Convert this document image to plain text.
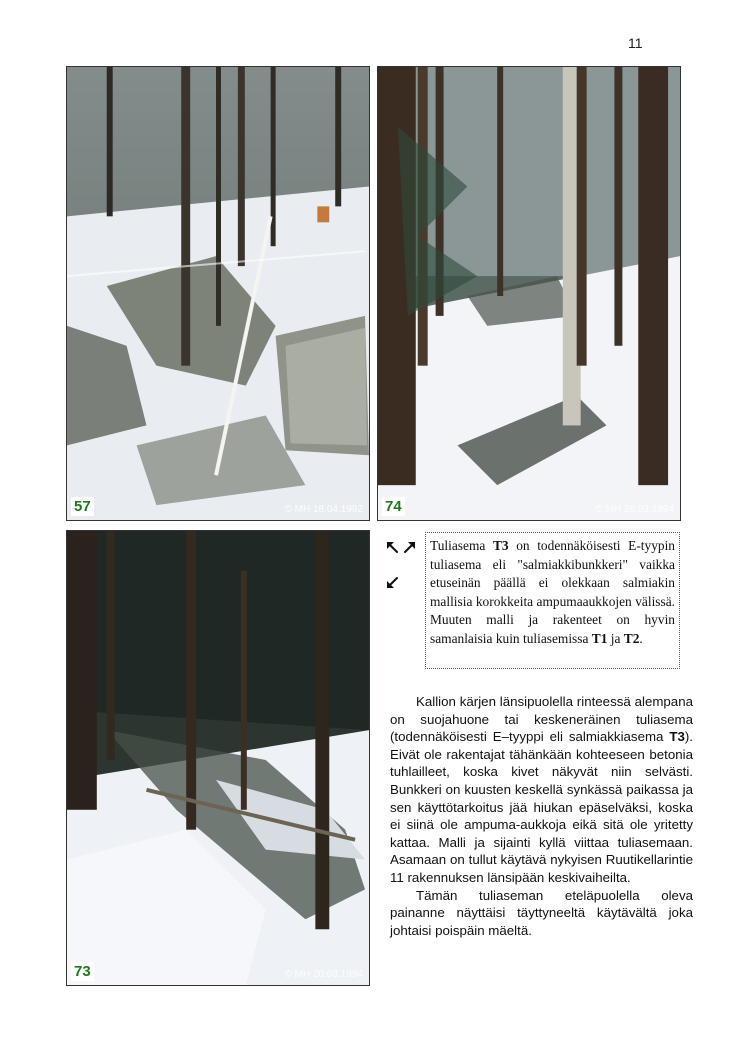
11
57	© MH 18.04.1992 74	© MH 20.03.1994
73	© MH 20.03.1994
Tuliasema T3 on todennäköisesti E-tyypin tuliasema eli "salmiakkibunkkeri" vaikka etuseinän päällä ei olekkaan salmiakin mallisia korokkeita ampumaaukkojen välissä. Muuten malli ja rakenteet on hyvin samanlaisia kuin tuliasemissa T1 ja T2.

Kallion kärjen länsipuolella rinteessä alempana on suojahuone tai keskeneräinen tuliasema (todennäköisesti E–tyyppi eli salmiakkiasema T3). Eivät ole rakentajat tähänkään kohteeseen betonia tuhlailleet, koska kivet näkyvät niin selvästi. Bunkkeri on kuusten keskellä synkässä paikassa ja sen käyttötarkoitus jää hiukan epäselväksi, koska ei siinä ole ampuma-aukkoja eikä sitä ole yritetty kattaa. Malli ja sijainti kyllä viittaa tuliasemaan. Asamaan on tullut käytävä nykyisen Ruutikellarintie 11 rakennuksen länsipään keskivaiheilta.

Tämän tuliaseman eteläpuolella oleva painanne näyttäisi täyttyneeltä käytävältä joka johtaisi poispäin mäeltä.
